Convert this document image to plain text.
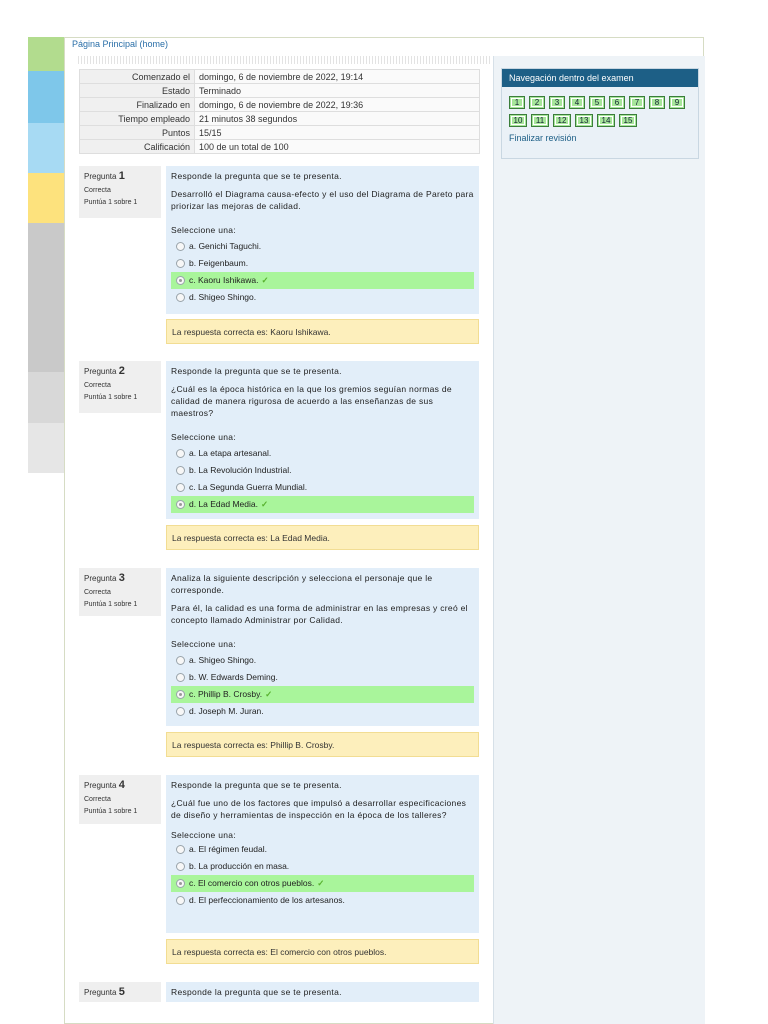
Página Principal (home)
Comenzado el	domingo, 6 de noviembre de 2022, 19:14
Estado	Terminado
Finalizado en	domingo, 6 de noviembre de 2022, 19:36
Tiempo empleado	21 minutos 38 segundos
Puntos	15/15
Calificación	100 de un total de 100
Navegación dentro del examen
1 2 3 4 5 6 7 8 9
10 11 12 13 14 15
Finalizar revisión
Pregunta 1
Correcta
Puntúa 1 sobre 1

Responde la pregunta que se te presenta.

Desarrolló el Diagrama causa-efecto y el uso del Diagrama de Pareto para priorizar las mejoras de calidad.

Seleccione una:

a. Genichi Taguchi.
b. Feigenbaum.
c. Kaoru Ishikawa. ✓
d. Shigeo Shingo.
La respuesta correcta es: Kaoru Ishikawa.
Pregunta 2
Correcta
Puntúa 1 sobre 1

Responde la pregunta que se te presenta.

¿Cuál es la época histórica en la que los gremios seguían normas de calidad de manera rigurosa de acuerdo a las enseñanzas de sus maestros?

Seleccione una:

a. La etapa artesanal.
b. La Revolución Industrial.
c. La Segunda Guerra Mundial.
d. La Edad Media. ✓
La respuesta correcta es: La Edad Media.
Pregunta 3
Correcta
Puntúa 1 sobre 1

Analiza la siguiente descripción y selecciona el personaje que le corresponde.

Para él, la calidad es una forma de administrar en las empresas y creó el concepto llamado Administrar por Calidad.

Seleccione una:

a. Shigeo Shingo.
b. W. Edwards Deming.
c. Phillip B. Crosby. ✓
d. Joseph M. Juran.
La respuesta correcta es: Phillip B. Crosby.
Pregunta 4
Correcta
Puntúa 1 sobre 1

Responde la pregunta que se te presenta.

¿Cuál fue uno de los factores que impulsó a desarrollar especificaciones de diseño y herramientas de inspección en la época de los talleres?

Seleccione una:

a. El régimen feudal.
b. La producción en masa.
c. El comercio con otros pueblos. ✓
d. El perfeccionamiento de los artesanos.
La respuesta correcta es: El comercio con otros pueblos.
Pregunta 5	Responde la pregunta que se te presenta.
